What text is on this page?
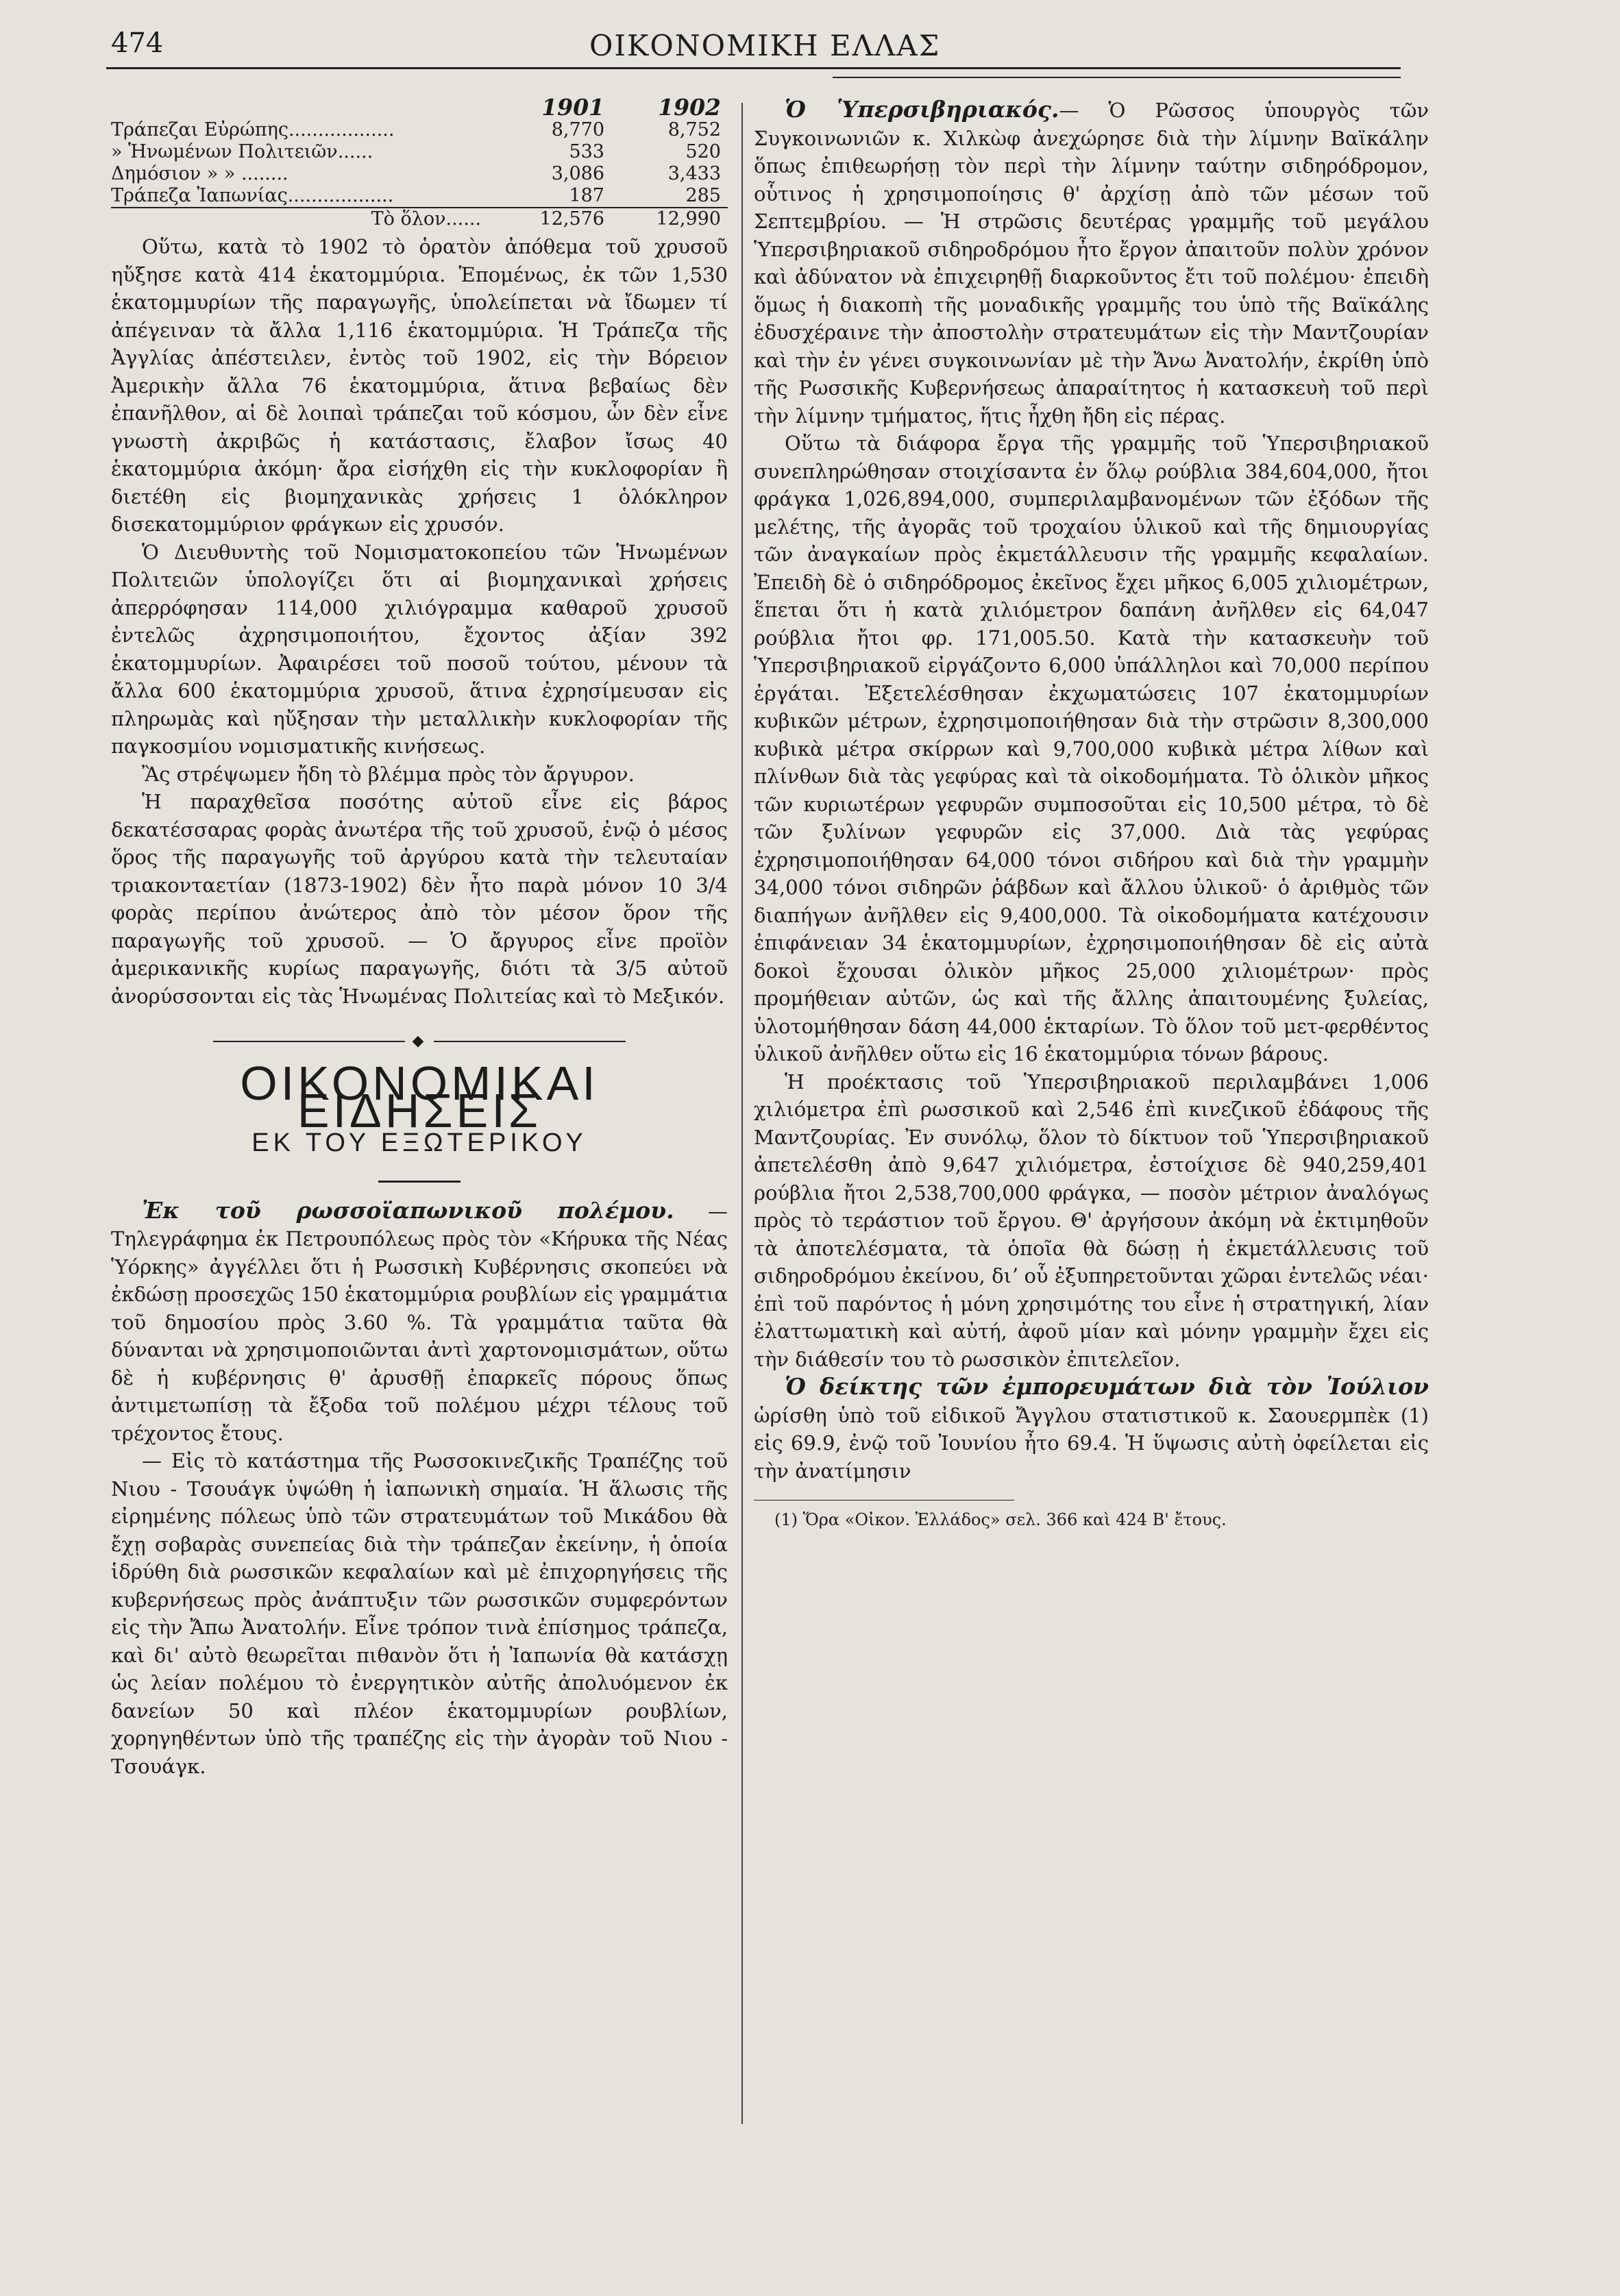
474	ΟΙΚΟΝΟΜΙΚΗ ΕΛΛΑΣ
	1901	1902
Τράπεζαι Εὐρώπης..................	8,770	8,752
» Ἡνωμένων Πολιτειῶν......	533	520
Δημόσιον » » ........	3,086	3,433
Τράπεζα Ἰαπωνίας..................	187	285
Τὸ ὅλον......	12,576	12,990

Οὕτω, κατὰ τὸ 1902 τὸ ὁρατὸν ἀπόθεμα τοῦ χρυσοῦ ηὔξησε κατὰ 414 ἑκατομμύρια. Ἑπομένως, ἐκ τῶν 1,530 ἑκατομμυρίων τῆς παραγωγῆς, ὑπολείπεται νὰ ἴδωμεν τί ἀπέγειναν τὰ ἄλλα 1,116 ἑκατομμύρια. Ἡ Τράπεζα τῆς Ἀγγλίας ἀπέστειλεν, ἐντὸς τοῦ 1902, εἰς τὴν Βόρειον Ἀμερικὴν ἄλλα 76 ἑκατομμύρια, ἅτινα βεβαίως δὲν ἐπανῆλθον, αἱ δὲ λοιπαὶ τράπεζαι τοῦ κόσμου, ὧν δὲν εἶνε γνωστὴ ἀκριβῶς ἡ κατάστασις, ἔλαβον ἴσως 40 ἑκατομμύρια ἀκόμη· ἄρα εἰσήχθη εἰς τὴν κυκλοφορίαν ἢ διετέθη εἰς βιομηχανικὰς χρήσεις 1 ὁλόκληρον δισεκατομμύριον φράγκων εἰς χρυσόν.

Ὁ Διευθυντὴς τοῦ Νομισματοκοπείου τῶν Ἡνωμένων Πολιτειῶν ὑπολογίζει ὅτι αἱ βιομηχανικαὶ χρήσεις ἀπερρόφησαν 114,000 χιλιόγραμμα καθαροῦ χρυσοῦ ἐντελῶς ἀχρησιμοποιήτου, ἔχοντος ἀξίαν 392 ἑκατομμυρίων. Ἀφαιρέσει τοῦ ποσοῦ τούτου, μένουν τὰ ἄλλα 600 ἑκατομμύρια χρυσοῦ, ἅτινα ἐχρησίμευσαν εἰς πληρωμὰς καὶ ηὔξησαν τὴν μεταλλικὴν κυκλοφορίαν τῆς παγκοσμίου νομισματικῆς κινήσεως.

Ἂς στρέψωμεν ἤδη τὸ βλέμμα πρὸς τὸν ἄργυρον.

Ἡ παραχθεῖσα ποσότης αὐτοῦ εἶνε εἰς βάρος δεκατέσσαρας φορὰς ἀνωτέρα τῆς τοῦ χρυσοῦ, ἐνῷ ὁ μέσος ὅρος τῆς παραγωγῆς τοῦ ἀργύρου κατὰ τὴν τελευταίαν τριακονταετίαν (1873-1902) δὲν ἦτο παρὰ μόνον 10 3/4 φορὰς περίπου ἀνώτερος ἀπὸ τὸν μέσον ὅρον τῆς παραγωγῆς τοῦ χρυσοῦ. — Ὁ ἄργυρος εἶνε προϊὸν ἀμερικανικῆς κυρίως παραγωγῆς, διότι τὰ 3/5 αὐτοῦ ἀνορύσσονται εἰς τὰς Ἡνωμένας Πολιτείας καὶ τὸ Μεξικόν.

◆
ΟΙΚΟΝΟΜΙΚΑΙ ΕΙΔΗΣΕΙΣ
ΕΚ ΤΟΥ ΕΞΩΤΕΡΙΚΟΥ

Ἐκ τοῦ ρωσσοϊαπωνικοῦ πολέμου. — Τηλεγράφημα ἐκ Πετρουπόλεως πρὸς τὸν «Κήρυκα τῆς Νέας Ὑόρκης» ἀγγέλλει ὅτι ἡ Ρωσσικὴ Κυβέρνησις σκοπεύει νὰ ἐκδώσῃ προσεχῶς 150 ἑκατομμύρια ρουβλίων εἰς γραμμάτια τοῦ δημοσίου πρὸς 3.60 %. Τὰ γραμμάτια ταῦτα θὰ δύνανται νὰ χρησιμοποιῶνται ἀντὶ χαρτονομισμάτων, οὕτω δὲ ἡ κυβέρνησις θ' ἀρυσθῇ ἐπαρκεῖς πόρους ὅπως ἀντιμετωπίσῃ τὰ ἔξοδα τοῦ πολέμου μέχρι τέλους τοῦ τρέχοντος ἔτους.

— Εἰς τὸ κατάστημα τῆς Ρωσσοκινεζικῆς Τραπέζης τοῦ Νιου - Τσουάγκ ὑψώθη ἡ ἰαπωνικὴ σημαία. Ἡ ἅλωσις τῆς εἰρημένης πόλεως ὑπὸ τῶν στρατευμάτων τοῦ Μικάδου θὰ ἔχῃ σοβαρὰς συνεπείας διὰ τὴν τράπεζαν ἐκείνην, ἡ ὁποία ἱδρύθη διὰ ρωσσικῶν κεφαλαίων καὶ μὲ ἐπιχορηγήσεις τῆς κυβερνήσεως πρὸς ἀνάπτυξιν τῶν ρωσσικῶν συμφερόντων εἰς τὴν Ἄπω Ἀνατολήν. Εἶνε τρόπον τινὰ ἐπίσημος τράπεζα, καὶ δι' αὐτὸ θεωρεῖται πιθανὸν ὅτι ἡ Ἰαπωνία θὰ κατάσχῃ ὡς λείαν πολέμου τὸ ἐνεργητικὸν αὐτῆς ἀπολυόμενον ἐκ δανείων 50 καὶ πλέον ἑκατομμυρίων ρουβλίων, χορηγηθέντων ὑπὸ τῆς τραπέζης εἰς τὴν ἀγορὰν τοῦ Νιου - Τσουάγκ.

Ὁ Ὑπερσιβηριακός.— Ὁ Ρῶσσος ὑπουργὸς τῶν Συγκοινωνιῶν κ. Χιλκὼφ ἀνεχώρησε διὰ τὴν λίμνην Βαϊκάλην ὅπως ἐπιθεωρήσῃ τὸν περὶ τὴν λίμνην ταύτην σιδηρόδρομον, οὗτινος ἡ χρησιμοποίησις θ' ἀρχίσῃ ἀπὸ τῶν μέσων τοῦ Σεπτεμβρίου. — Ἡ στρῶσις δευτέρας γραμμῆς τοῦ μεγάλου Ὑπερσιβηριακοῦ σιδηροδρόμου ἦτο ἔργον ἀπαιτοῦν πολὺν χρόνον καὶ ἀδύνατον νὰ ἐπιχειρηθῇ διαρκοῦντος ἔτι τοῦ πολέμου· ἐπειδὴ ὅμως ἡ διακοπὴ τῆς μοναδικῆς γραμμῆς του ὑπὸ τῆς Βαϊκάλης ἐδυσχέραινε τὴν ἀποστολὴν στρατευμάτων εἰς τὴν Μαντζουρίαν καὶ τὴν ἐν γένει συγκοινωνίαν μὲ τὴν Ἄνω Ἀνατολήν, ἐκρίθη ὑπὸ τῆς Ρωσσικῆς Κυβερνήσεως ἀπαραίτητος ἡ κατασκευὴ τοῦ περὶ τὴν λίμνην τμήματος, ἥτις ἦχθη ἤδη εἰς πέρας.

Οὕτω τὰ διάφορα ἔργα τῆς γραμμῆς τοῦ Ὑπερσιβηριακοῦ συνεπληρώθησαν στοιχίσαντα ἐν ὅλῳ ρούβλια 384,604,000, ἤτοι φράγκα 1,026,894,000, συμπεριλαμβανομένων τῶν ἐξόδων τῆς μελέτης, τῆς ἀγορᾶς τοῦ τροχαίου ὑλικοῦ καὶ τῆς δημιουργίας τῶν ἀναγκαίων πρὸς ἐκμετάλλευσιν τῆς γραμμῆς κεφαλαίων. Ἐπειδὴ δὲ ὁ σιδηρόδρομος ἐκεῖνος ἔχει μῆκος 6,005 χιλιομέτρων, ἕπεται ὅτι ἡ κατὰ χιλιόμετρον δαπάνη ἀνῆλθεν εἰς 64,047 ρούβλια ἤτοι φρ. 171,005.50. Κατὰ τὴν κατασκευὴν τοῦ Ὑπερσιβηριακοῦ εἰργάζοντο 6,000 ὑπάλληλοι καὶ 70,000 περίπου ἐργάται. Ἐξετελέσθησαν ἐκχωματώσεις 107 ἑκατομμυρίων κυβικῶν μέτρων, ἐχρησιμοποιήθησαν διὰ τὴν στρῶσιν 8,300,000 κυβικὰ μέτρα σκίρρων καὶ 9,700,000 κυβικὰ μέτρα λίθων καὶ πλίνθων διὰ τὰς γεφύρας καὶ τὰ οἰκοδομήματα. Τὸ ὁλικὸν μῆκος τῶν κυριωτέρων γεφυρῶν συμποσοῦται εἰς 10,500 μέτρα, τὸ δὲ τῶν ξυλίνων γεφυρῶν εἰς 37,000. Διὰ τὰς γεφύρας ἐχρησιμοποιήθησαν 64,000 τόνοι σιδήρου καὶ διὰ τὴν γραμμὴν 34,000 τόνοι σιδηρῶν ῥάβδων καὶ ἄλλου ὑλικοῦ· ὁ ἀριθμὸς τῶν διαπήγων ἀνῆλθεν εἰς 9,400,000. Τὰ οἰκοδομήματα κατέχουσιν ἐπιφάνειαν 34 ἑκατομμυρίων, ἐχρησιμοποιήθησαν δὲ εἰς αὐτὰ δοκοὶ ἔχουσαι ὁλικὸν μῆκος 25,000 χιλιομέτρων· πρὸς προμήθειαν αὐτῶν, ὡς καὶ τῆς ἄλλης ἀπαιτουμένης ξυλείας, ὑλοτομήθησαν δάση 44,000 ἑκταρίων. Τὸ ὅλον τοῦ μετ-φερθέντος ὑλικοῦ ἀνῆλθεν οὕτω εἰς 16 ἑκατομμύρια τόνων βάρους.

Ἡ προέκτασις τοῦ Ὑπερσιβηριακοῦ περιλαμβάνει 1,006 χιλιόμετρα ἐπὶ ρωσσικοῦ καὶ 2,546 ἐπὶ κινεζικοῦ ἐδάφους τῆς Μαντζουρίας. Ἐν συνόλῳ, ὅλον τὸ δίκτυον τοῦ Ὑπερσιβηριακοῦ ἀπετελέσθη ἀπὸ 9,647 χιλιόμετρα, ἐστοίχισε δὲ 940,259,401 ρούβλια ἤτοι 2,538,700,000 φράγκα, — ποσὸν μέτριον ἀναλόγως πρὸς τὸ τεράστιον τοῦ ἔργου. Θ' ἀργήσουν ἀκόμη νὰ ἐκτιμηθοῦν τὰ ἀποτελέσματα, τὰ ὁποῖα θὰ δώσῃ ἡ ἐκμετάλλευσις τοῦ σιδηροδρόμου ἐκείνου, διʼ οὗ ἐξυπηρετοῦνται χῶραι ἐντελῶς νέαι· ἐπὶ τοῦ παρόντος ἡ μόνη χρησιμότης του εἶνε ἡ στρατηγική, λίαν ἐλαττωματικὴ καὶ αὐτή, ἀφοῦ μίαν καὶ μόνην γραμμὴν ἔχει εἰς τὴν διάθεσίν του τὸ ρωσσικὸν ἐπιτελεῖον.

Ὁ δείκτης τῶν ἐμπορευμάτων διὰ τὸν Ἰούλιον ὡρίσθη ὑπὸ τοῦ εἰδικοῦ Ἄγγλου στατιστικοῦ κ. Σαουερμπὲκ (1) εἰς 69.9, ἐνῷ τοῦ Ἰουνίου ἦτο 69.4. Ἡ ὕψωσις αὐτὴ ὀφείλεται εἰς τὴν ἀνατίμησιν

(1) Ὅρα «Οἰκον. Ἑλλάδος» σελ. 366 καὶ 424 Β' ἔτους.
